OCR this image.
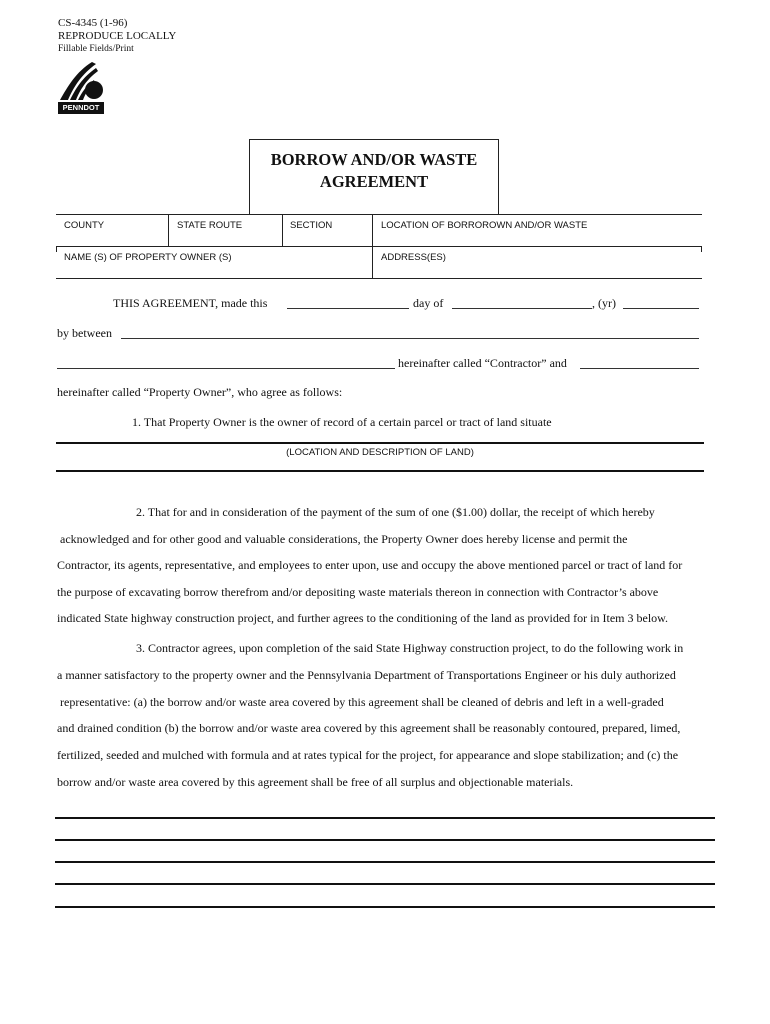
CS-4345 (1-96)
REPRODUCE LOCALLY
Fillable Fields/Print
PENNDOT
BORROW AND/OR WASTE
AGREEMENT
COUNTY	STATE ROUTE	SECTION	LOCATION OF BORROROWN AND/OR WASTE
NAME (S) OF PROPERTY OWNER (S)	ADDRESS(ES)
THIS AGREEMENT, made this	day of	, (yr)
by between
hereinafter called “Contractor” and
hereinafter called “Property Owner”, who agree as follows:
1. That Property Owner is the owner of record of a certain parcel or tract of land situate
(LOCATION AND DESCRIPTION OF LAND)
2. That for and in consideration of the payment of the sum of one ($1.00) dollar, the receipt of which hereby
acknowledged and for other good and valuable considerations, the Property Owner does hereby license and permit the
Contractor, its agents, representative, and employees to enter upon, use and occupy the above mentioned parcel or tract of land for
the purpose of excavating borrow therefrom and/or depositing waste materials thereon in connection with Contractor’s above
indicated State highway construction project, and further agrees to the conditioning of the land as provided for in Item 3 below.
3. Contractor agrees, upon completion of the said State Highway construction project, to do the following work in
a manner satisfactory to the property owner and the Pennsylvania Department of Transportations Engineer or his duly authorized
representative: (a) the borrow and/or waste area covered by this agreement shall be cleaned of debris and left in a well-graded
and drained condition (b) the borrow and/or waste area covered by this agreement shall be reasonably contoured, prepared, limed,
fertilized, seeded and mulched with formula and at rates typical for the project, for appearance and slope stabilization; and (c) the
borrow and/or waste area covered by this agreement shall be free of all surplus and objectionable materials.
